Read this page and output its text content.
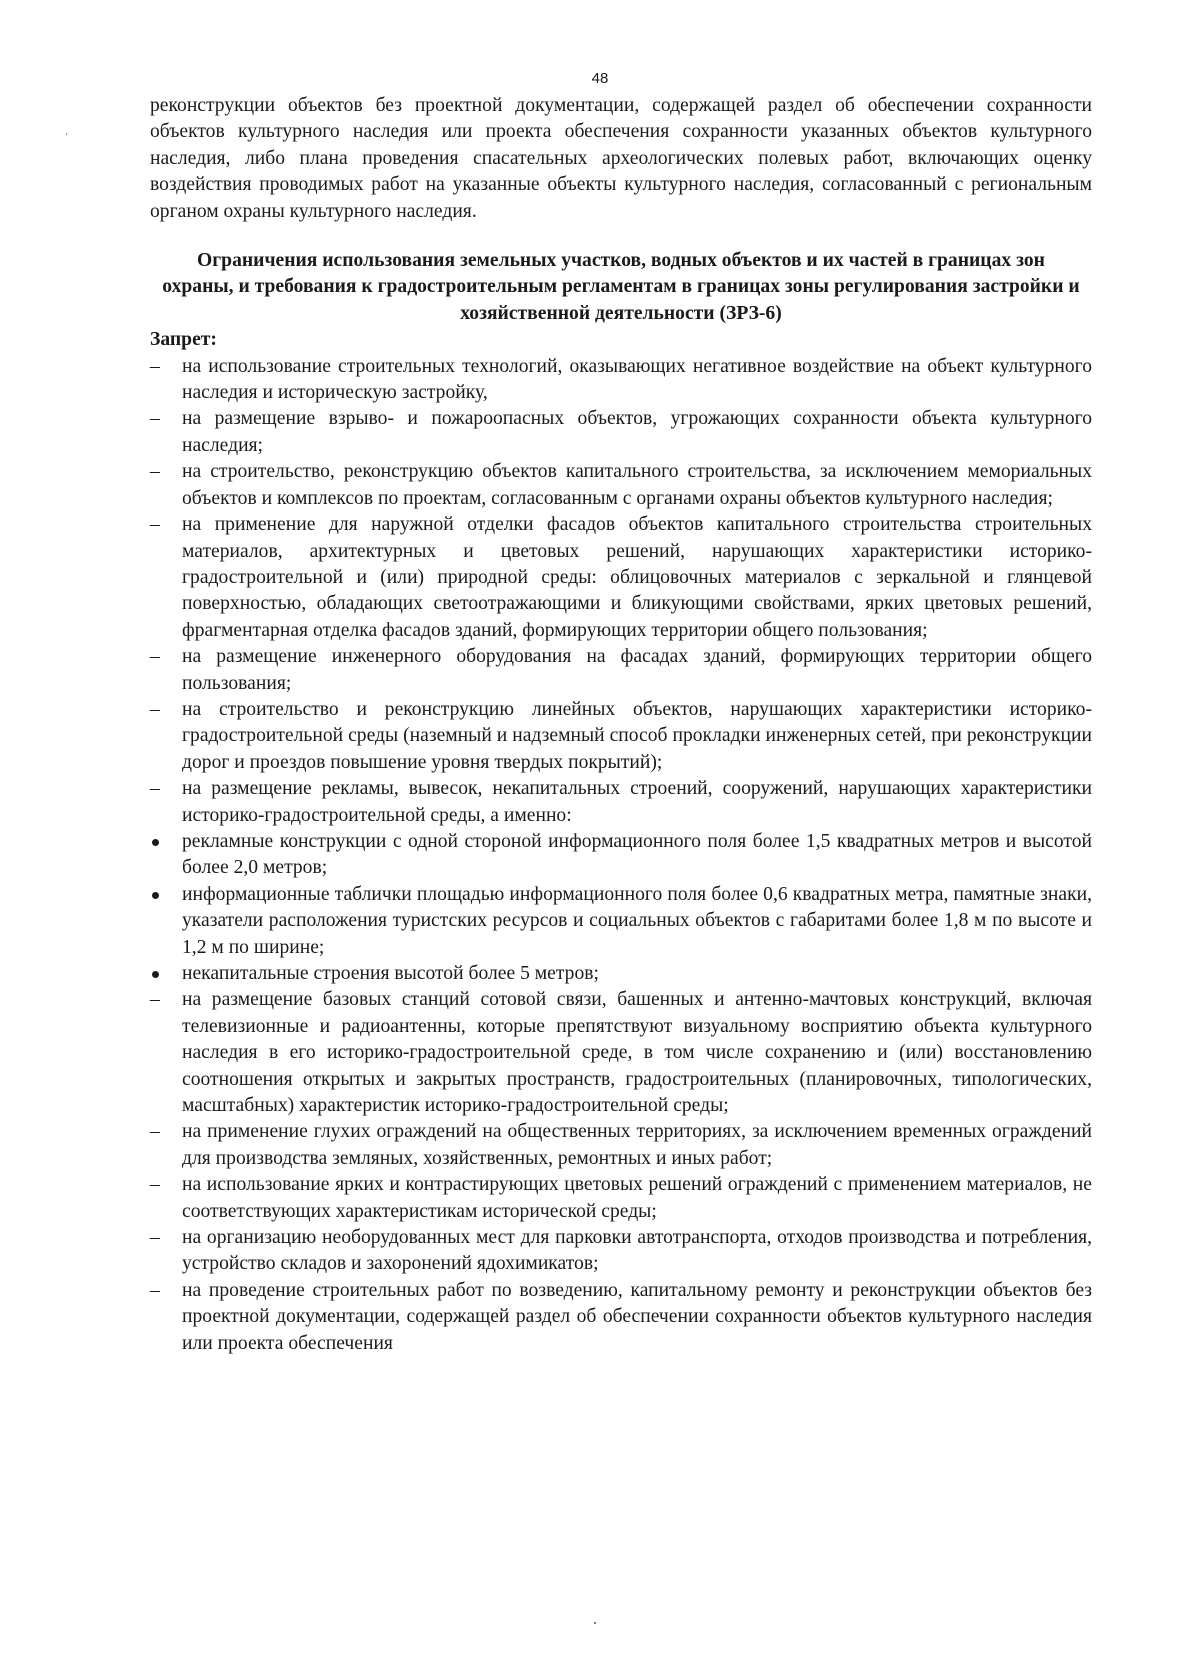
48

реконструкции объектов без проектной документации, содержащей раздел об обеспечении сохранности объектов культурного наследия или проекта обеспечения сохранности указанных объектов культурного наследия, либо плана проведения спасательных археологических полевых работ, включающих оценку воздействия проводимых работ на указанные объекты культурного наследия, согласованный с региональным органом охраны культурного наследия.

Ограничения использования земельных участков, водных объектов и их частей в границах зон охраны, и требования к градостроительным регламентам в границах зоны регулирования застройки и хозяйственной деятельности (ЗРЗ-6)

Запрет:

–	на использование строительных технологий, оказывающих негативное воздействие на объект культурного наследия и историческую застройку,
–	на размещение взрыво- и пожароопасных объектов, угрожающих сохранности объекта культурного наследия;
–	на строительство, реконструкцию объектов капитального строительства, за исключением мемориальных объектов и комплексов по проектам, согласованным с органами охраны объектов культурного наследия;
–	на применение для наружной отделки фасадов объектов капитального строительства строительных материалов, архитектурных и цветовых решений, нарушающих характеристики историко-градостроительной и (или) природной среды: облицовочных материалов с зеркальной и глянцевой поверхностью, обладающих светоотражающими и бликующими свойствами, ярких цветовых решений, фрагментарная отделка фасадов зданий, формирующих территории общего пользования;
–	на размещение инженерного оборудования на фасадах зданий, формирующих территории общего пользования;
–	на строительство и реконструкцию линейных объектов, нарушающих характеристики историко-градостроительной среды (наземный и надземный способ прокладки инженерных сетей, при реконструкции дорог и проездов повышение уровня твердых покрытий);
–	на размещение рекламы, вывесок, некапитальных строений, сооружений, нарушающих характеристики историко-градостроительной среды, а именно:
рекламные конструкции с одной стороной информационного поля более 1,5 квадратных метров и высотой более 2,0 метров;
информационные таблички площадью информационного поля более 0,6 квадратных метра, памятные знаки, указатели расположения туристских ресурсов и социальных объектов с габаритами более 1,8 м по высоте и 1,2 м по ширине;
некапитальные строения высотой более 5 метров;
–	на размещение базовых станций сотовой связи, башенных и антенно-мачтовых конструкций, включая телевизионные и радиоантенны, которые препятствуют визуальному восприятию объекта культурного наследия в его историко-градостроительной среде, в том числе сохранению и (или) восстановлению соотношения открытых и закрытых пространств, градостроительных (планировочных, типологических, масштабных) характеристик историко-градостроительной среды;
–	на применение глухих ограждений на общественных территориях, за исключением временных ограждений для производства земляных, хозяйственных, ремонтных и иных работ;
–	на использование ярких и контрастирующих цветовых решений ограждений с применением материалов, не соответствующих характеристикам исторической среды;
–	на организацию необорудованных мест для парковки автотранспорта, отходов производства и потребления, устройство складов и захоронений ядохимикатов;
–	на проведение строительных работ по возведению, капитальному ремонту и реконструкции объектов без проектной документации, содержащей раздел об обеспечении сохранности объектов культурного наследия или проекта обеспечения
